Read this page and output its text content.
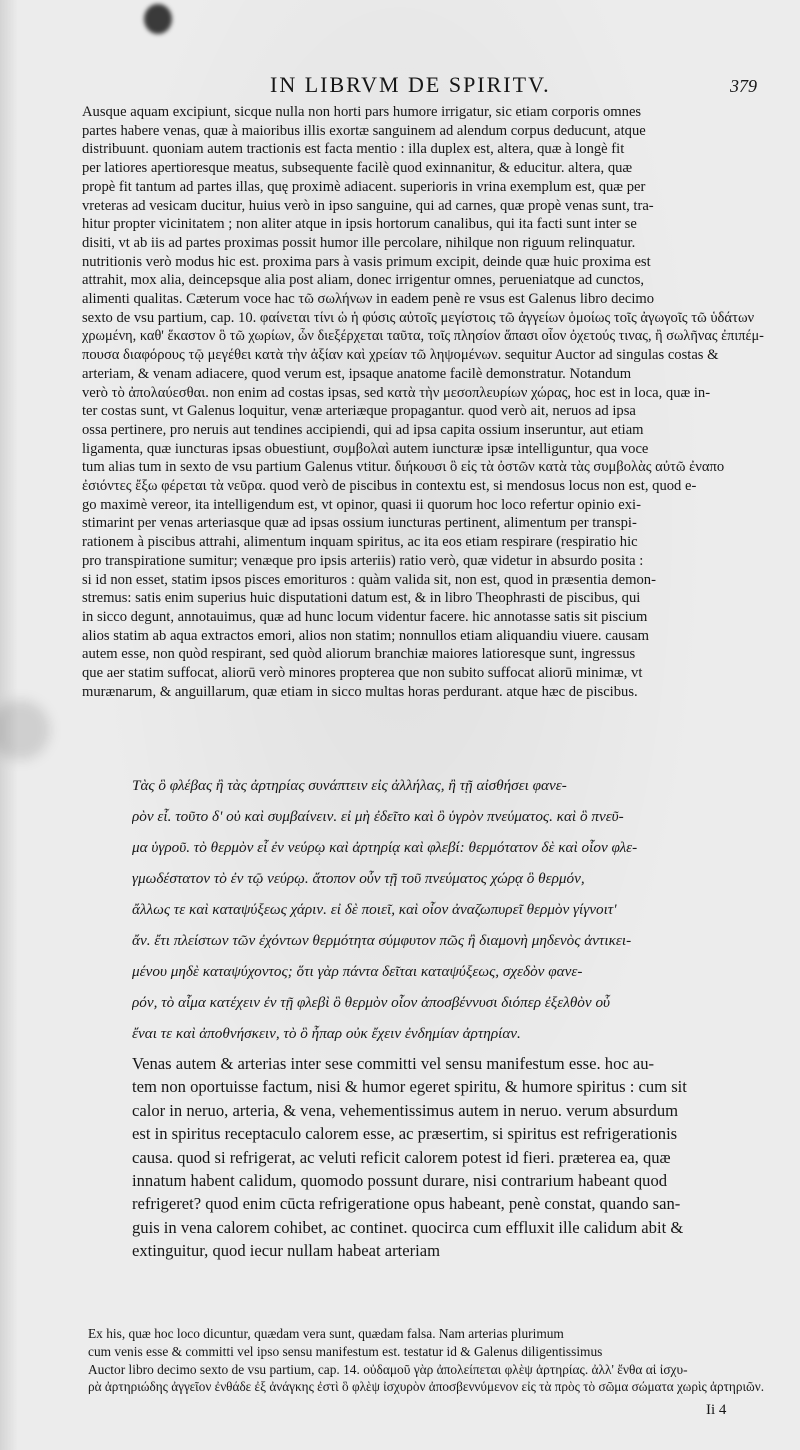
IN LIBRVM DE SPIRITV.	379
Ausque aquam excipiunt, sicque nulla non horti pars humore irrigatur, sic etiam corporis omnes
partes habere venas, quæ à maioribus illis exortæ sanguinem ad alendum corpus deducunt, atque
distribuunt. quoniam autem tractionis est facta mentio : illa duplex est, altera, quæ à longè fit
per latiores apertioresque meatus, subsequente facilè quod exinnanitur, & educitur. altera, quæ
propè fit tantum ad partes illas, quę proximè adiacent. superioris in vrina exemplum est, quæ per
vreteras ad vesicam ducitur, huius verò in ipso sanguine, qui ad carnes, quæ propè venas sunt, tra-
hitur propter vicinitatem ; non aliter atque in ipsis hortorum canalibus, qui ita facti sunt inter se
disiti, vt ab iis ad partes proximas possit humor ille percolare, nihilque non riguum relinquatur.
nutritionis verò modus hic est. proxima pars à vasis primum excipit, deinde quæ huic proxima est
attrahit, mox alia, deincepsque alia post aliam, donec irrigentur omnes, perueniatque ad cunctos,
alimenti qualitas. Cæterum voce hac τῶ σωλήνων in eadem penè re vsus est Galenus libro decimo
sexto de vsu partium, cap. 10. φαίνεται τίνι ὡ ἡ φύσις αὐτοῖς μεγίστοις τῶ ἀγγείων ὁμοίως τοῖς ἀγωγοῖς τῶ ὑδάτων
χρωμένη, καθ' ἕκαστον ὃ τῶ χωρίων, ὧν διεξέρχεται ταῦτα, τοῖς πλησίον ἅπασι οἷον ὀχετούς τινας, ἢ σωλῆνας ἐπιπέμ-
πουσα διαφόρους τῷ μεγέθει κατὰ τὴν ἀξίαν καὶ χρείαν τῶ ληψομένων. sequitur Auctor ad singulas costas &
arteriam, & venam adiacere, quod verum est, ipsaque anatome facilè demonstratur. Notandum
verò τὸ ἀπολαύεσθαι. non enim ad costas ipsas, sed κατὰ τὴν μεσοπλευρίων χώρας, hoc est in loca, quæ in-
ter costas sunt, vt Galenus loquitur, venæ arteriæque propagantur. quod verò ait, neruos ad ipsa
ossa pertinere, pro neruis aut tendines accipiendi, qui ad ipsa capita ossium inseruntur, aut etiam
ligamenta, quæ iuncturas ipsas obuestiunt, συμβολαὶ autem iuncturæ ipsæ intelliguntur, qua voce
tum alias tum in sexto de vsu partium Galenus vtitur. διήκουσι ὃ εἰς τὰ ὀστῶν κατὰ τὰς συμβολὰς αὐτῶ ἐναπο
ἐσιόντες ἔξω φέρεται τὰ νεῦρα. quod verò de piscibus in contextu est, si mendosus locus non est, quod e-
go maximè vereor, ita intelligendum est, vt opinor, quasi ii quorum hoc loco refertur opinio exi-
stimarint per venas arteriasque quæ ad ipsas ossium iuncturas pertinent, alimentum per transpi-
rationem à piscibus attrahi, alimentum inquam spiritus, ac ita eos etiam respirare (respiratio hic
pro transpiratione sumitur; venæque pro ipsis arteriis) ratio verò, quæ videtur in absurdo posita :
si id non esset, statim ipsos pisces emorituros : quàm valida sit, non est, quod in præsentia demon-
stremus: satis enim superius huic disputationi datum est, & in libro Theophrasti de piscibus, qui
in sicco degunt, annotauimus, quæ ad hunc locum videntur facere. hic annotasse satis sit piscium
alios statim ab aqua extractos emori, alios non statim; nonnullos etiam aliquandiu viuere. causam
autem esse, non quòd respirant, sed quòd aliorum branchiæ maiores latioresque sunt, ingressus
que aer statim suffocat, aliorū verò minores propterea que non subito suffocat aliorū minimæ, vt
murænarum, & anguillarum, quæ etiam in sicco multas horas perdurant. atque hæc de piscibus.
Τὰς ὃ φλέβας ἢ τὰς ἀρτηρίας συνάπτειν εἰς ἀλλήλας, ἢ τῇ αἰσθήσει φανε-
ρὸν εἶ. τοῦτο δ' οὐ καὶ συμβαίνειν. εἰ μὴ ἐδεῖτο καὶ ὃ ὑγρὸν πνεύματος. καὶ ὃ πνεῦ-
μα ὑγροῦ. τὸ θερμὸν εἶ ἐν νεύρῳ καὶ ἀρτηρίᾳ καὶ φλεβί: θερμότατον δὲ καὶ οἷον φλε-
γμωδέστατον τὸ ἐν τῷ νεύρῳ. ἄτοπον οὖν τῇ τοῦ πνεύματος χώρᾳ ὃ θερμόν,
ἄλλως τε καὶ καταψύξεως χάριν. εἰ δὲ ποιεῖ, καὶ οἷον ἀναζωπυρεῖ θερμὸν γίγνοιτ'
ἄν. ἔτι πλείστων τῶν ἐχόντων θερμότητα σύμφυτον πῶς ἢ διαμονὴ μηδενὸς ἀντικει-
μένου μηδὲ καταψύχοντος; ὅτι γὰρ πάντα δεῖται καταψύξεως, σχεδὸν φανε-
ρόν, τὸ αἷμα κατέχειν ἐν τῇ φλεβὶ ὃ θερμὸν οἷον ἀποσβέννυσι διόπερ ἐξελθὸν οὗ
ἔναι τε καὶ ἀποθνήσκειν, τὸ ὃ ἧπαρ οὐκ ἔχειν ἐνδημίαν ἀρτηρίαν.
Venas autem & arterias inter sese committi vel sensu manifestum esse. hoc au-
tem non oportuisse factum, nisi & humor egeret spiritu, & humore spiritus : cum sit
calor in neruo, arteria, & vena, vehementissimus autem in neruo. verum absurdum
est in spiritus receptaculo calorem esse, ac præsertim, si spiritus est refrigerationis
causa. quod si refrigerat, ac veluti reficit calorem potest id fieri. præterea ea, quæ
innatum habent calidum, quomodo possunt durare, nisi contrarium habeant quod
refrigeret? quod enim cūcta refrigeratione opus habeant, penè constat, quando san-
guis in vena calorem cohibet, ac continet. quocirca cum effluxit ille calidum abit &
extinguitur, quod iecur nullam habeat arteriam
Ex his, quæ hoc loco dicuntur, quædam vera sunt, quædam falsa. Nam arterias plurimum
cum venis esse & committi vel ipso sensu manifestum est. testatur id & Galenus diligentissimus
Auctor libro decimo sexto de vsu partium, cap. 14. οὐδαμοῦ γὰρ ἀπολείπεται φλὲψ ἀρτηρίας. ἀλλ' ἔνθα αἱ ἰσχυ-
ρὰ ἀρτηριώδης ἀγγεῖον ἐνθάδε ἐξ ἀνάγκης ἐστὶ ὃ φλὲψ ἰσχυρὸν ἀποσβεννύμενον εἰς τὰ πρὸς τὸ σῶμα σώματα χωρὶς ἀρτηριῶν.
Ii 4
